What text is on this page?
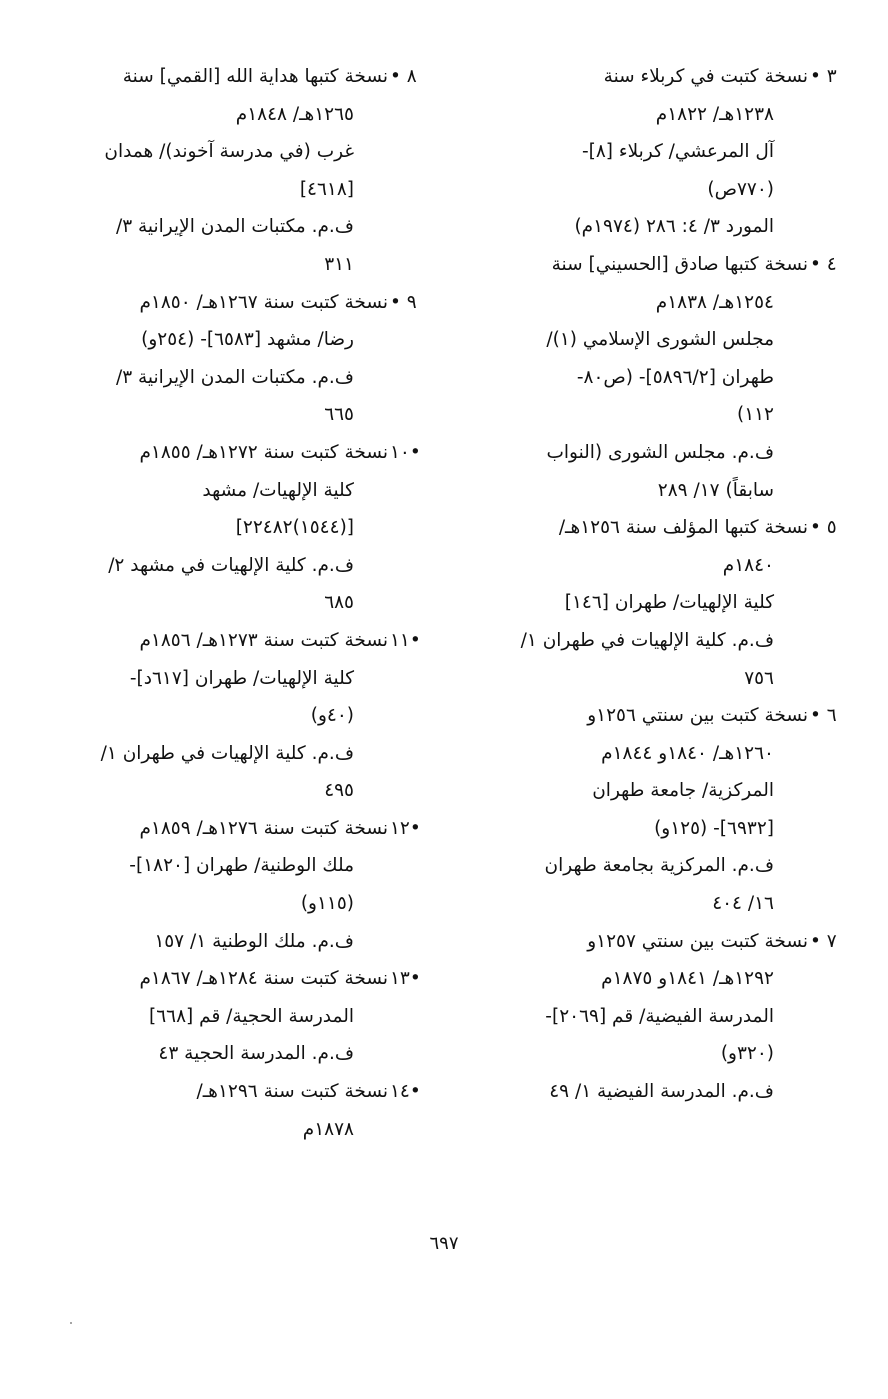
٣ •
نسخة كتبت في كربلاء سنة
١٢٣٨هـ/ ١٨٢٢م
آل المرعشي/ كربلاء [٨]-
(٧٧٠ص)
المورد ٣/ ٤: ٢٨٦ (١٩٧٤م)
٤ •
نسخة كتبها صادق [الحسيني] سنة
١٢٥٤هـ/ ١٨٣٨م
مجلس الشورى الإسلامي (١)/
طهران [٥٨٩٦/٢]- (ص٨٠-
١١٢)
ف.م. مجلس الشورى (النواب
سابقاً) ١٧/ ٢٨٩
٥ •
نسخة كتبها المؤلف سنة ١٢٥٦هـ/
١٨٤٠م
كلية الإلهيات/ طهران [١٤٦]
ف.م. كلية الإلهيات في طهران ١/
٧٥٦
٦ •
نسخة كتبت بين سنتي ١٢٥٦و
١٢٦٠هـ/ ١٨٤٠و ١٨٤٤م
المركزية/ جامعة طهران
[٦٩٣٢]- (١٢٥و)
ف.م. المركزية بجامعة طهران
١٦/ ٤٠٤
٧ •
نسخة كتبت بين سنتي ١٢٥٧و
١٢٩٢هـ/ ١٨٤١و ١٨٧٥م
المدرسة الفيضية/ قم [٢٠٦٩]-
(٣٢٠و)
ف.م. المدرسة الفيضية ١/ ٤٩
٨ •
نسخة كتبها هداية الله [القمي] سنة
١٢٦٥هـ/ ١٨٤٨م
غرب (في مدرسة آخوند)/ همدان
[٤٦١٨]
ف.م. مكتبات المدن الإيرانية ٣/
٣١١
٩ •
نسخة كتبت سنة ١٢٦٧هـ/ ١٨٥٠م
رضا/ مشهد [٦٥٨٣]- (٢٥٤و)
ف.م. مكتبات المدن الإيرانية ٣/
٦٦٥
•١٠
نسخة كتبت سنة ١٢٧٢هـ/ ١٨٥٥م
كلية الإلهيات/ مشهد
[(١٥٤٤)٢٢٤٨٢]
ف.م. كلية الإلهيات في مشهد ٢/
٦٨٥
•١١
نسخة كتبت سنة ١٢٧٣هـ/ ١٨٥٦م
كلية الإلهيات/ طهران [٦١٧د]-
(٤٠و)
ف.م. كلية الإلهيات في طهران ١/
٤٩٥
•١٢
نسخة كتبت سنة ١٢٧٦هـ/ ١٨٥٩م
ملك الوطنية/ طهران [١٨٢٠]-
(١١٥و)
ف.م. ملك الوطنية ١/ ١٥٧
•١٣
نسخة كتبت سنة ١٢٨٤هـ/ ١٨٦٧م
المدرسة الحجية/ قم [٦٦٨]
ف.م. المدرسة الحجية ٤٣
•١٤
نسخة كتبت سنة ١٢٩٦هـ/
١٨٧٨م
٦٩٧
